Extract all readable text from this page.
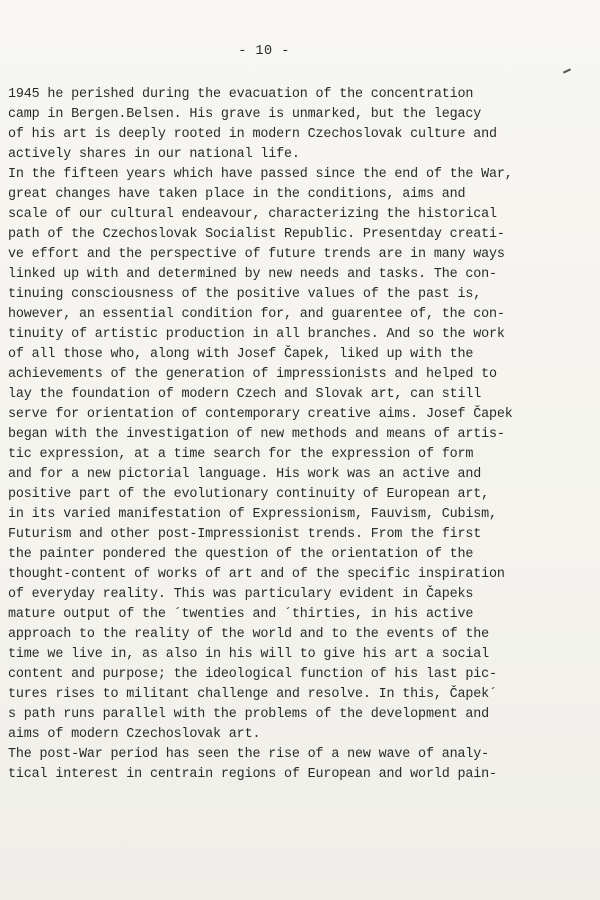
- 10 -
1945 he perished during the evacuation of the concentration
camp in Bergen.Belsen. His grave is unmarked, but the legacy
of his art is deeply rooted in modern Czechoslovak culture and
actively shares in our national life.
In the fifteen years which have passed since the end of the War,
great changes have taken place in the conditions, aims and
scale of our cultural endeavour, characterizing the historical
path of the Czechoslovak Socialist Republic. Presentday creati-
ve effort and the perspective of future trends are in many ways
linked up with and determined by new needs and tasks. The con-
tinuing consciousness of the positive values of the past is,
however, an essential condition for, and guarentee of, the con-
tinuity of artistic production in all branches. And so the work
of all those who, along with Josef Čapek, liked up with the
achievements of the generation of impressionists and helped to
lay the foundation of modern Czech and Slovak art, can still
serve for orientation of contemporary creative aims. Josef Čapek
began with the investigation of new methods and means of artis-
tic expression, at a time search for the expression of form
and for a new pictorial language. His work was an active and
positive part of the evolutionary continuity of European art,
in its varied manifestation of Expressionism, Fauvism, Cubism,
Futurism and other post-Impressionist trends. From the first
the painter pondered the question of the orientation of the
thought-content of works of art and of the specific inspiration
of everyday reality. This was particulary evident in Čapeks
mature output of the ´twenties and ´thirties, in his active
approach to the reality of the world and to the events of the
time we live in, as also in his will to give his art a social
content and purpose; the ideological function of his last pic-
tures rises to militant challenge and resolve. In this, Čapek´
s path runs parallel with the problems of the development and
aims of modern Czechoslovak art.
The post-War period has seen the rise of a new wave of analy-
tical interest in centrain regions of European and world pain-
